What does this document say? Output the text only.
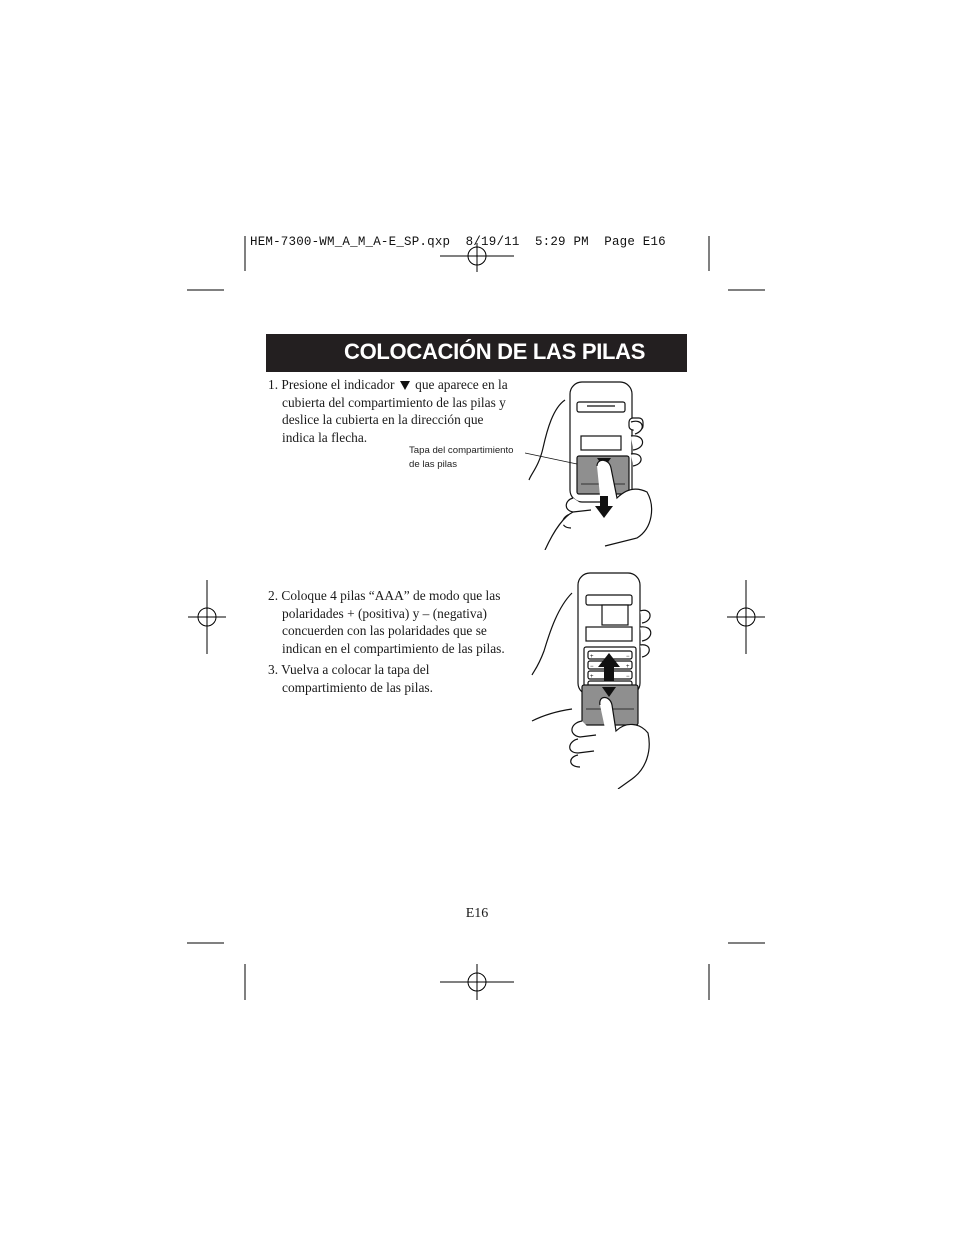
HEM-7300-WM_A_M_A-E_SP.qxp  8/19/11  5:29 PM  Page E16
COLOCACIÓN DE LAS PILAS
1. Presione el indicador que aparece en la
cubierta del compartimiento de las pilas y
deslice la cubierta en la dirección que
indica la flecha.
Tapa del compartimiento
de las pilas
2. Coloque 4 pilas “AAA” de modo que las
polaridades + (positiva) y – (negativa)
concuerden con las polaridades que se
indican en el compartimiento de las pilas.
3. Vuelva a colocar la tapa del
compartimiento de las pilas.
+	−
−	+
+	−
E16
